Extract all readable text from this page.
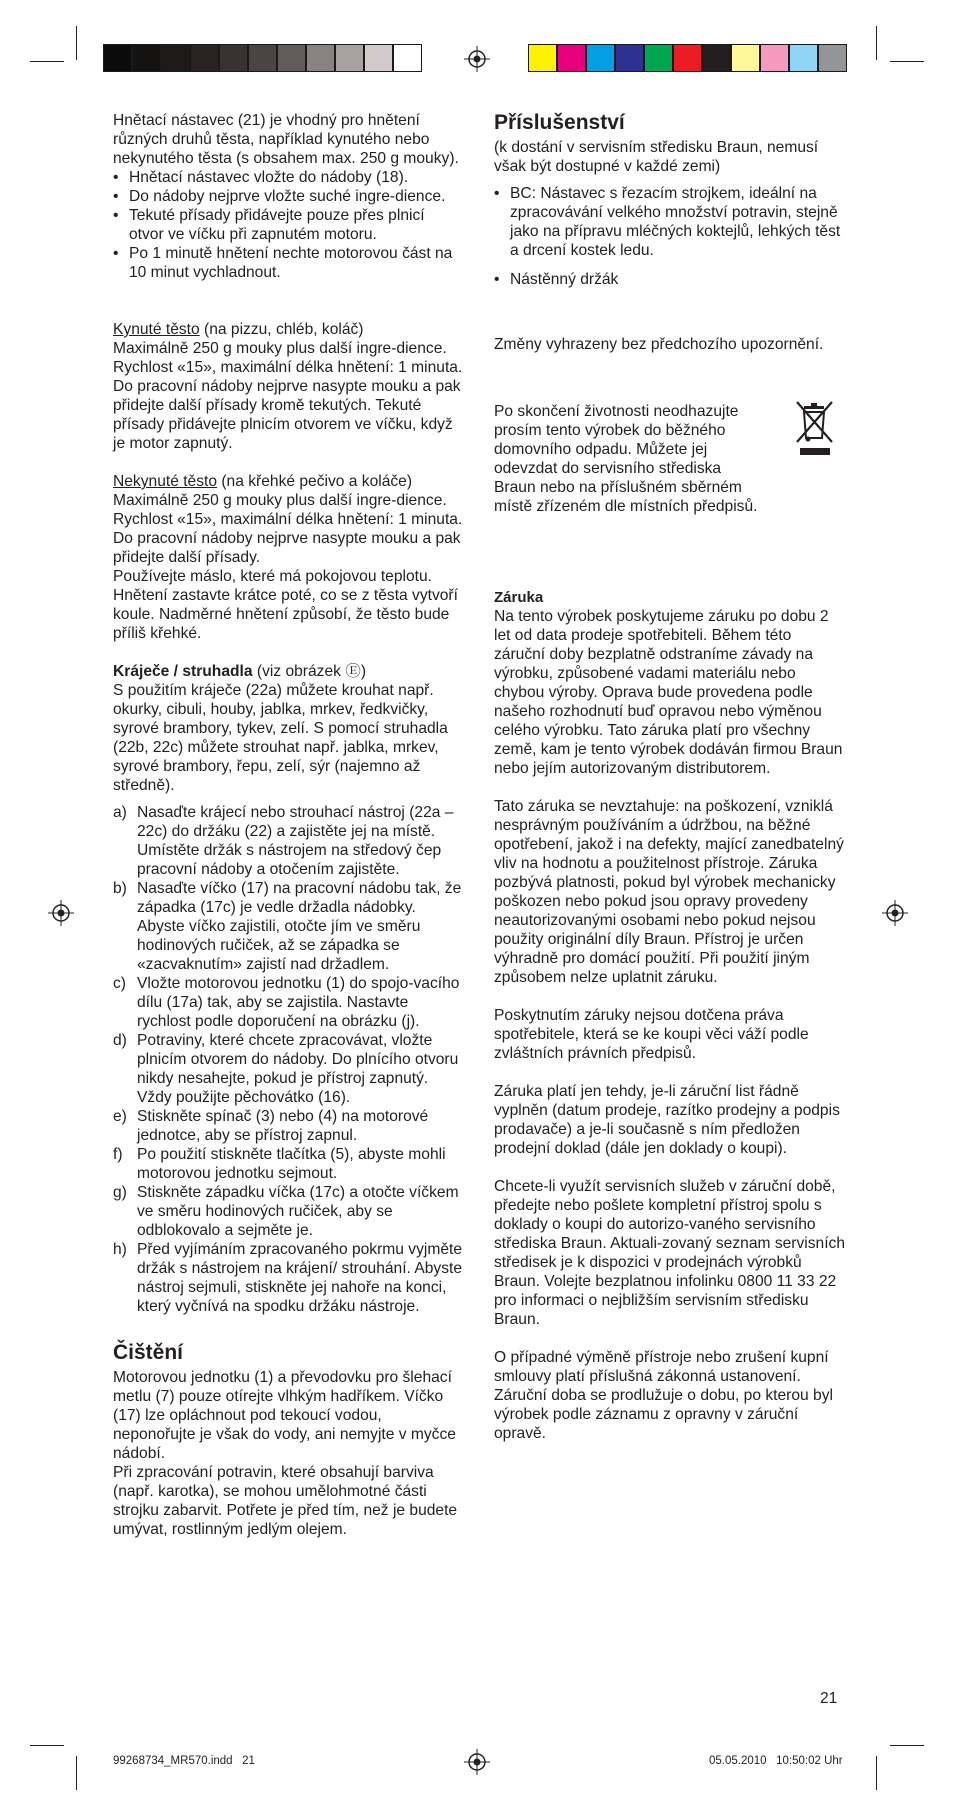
Hnětací nástavec (21) je vhodný pro hnětení různých druhů těsta, například kynutého nebo nekynutého těsta (s obsahem max. 250 g mouky).

• Hnětací nástavec vložte do nádoby (18).
• Do nádoby nejprve vložte suché ingre-dience.
• Tekuté přísady přidávejte pouze přes plnicí otvor ve víčku při zapnutém motoru.
• Po 1 minutě hnětení nechte motorovou část na 10 minut vychladnout.

Kynuté těsto (na pizzu, chléb, koláč)

Maximálně 250 g mouky plus další ingre-dience. Rychlost «15», maximální délka hnětení: 1 minuta.

Do pracovní nádoby nejprve nasypte mouku a pak přidejte další přísady kromě tekutých. Tekuté přísady přidávejte plnicím otvorem ve víčku, když je motor zapnutý.

Nekynuté těsto (na křehké pečivo a koláče)

Maximálně 250 g mouky plus další ingre-dience. Rychlost «15», maximální délka hnětení: 1 minuta.

Do pracovní nádoby nejprve nasypte mouku a pak přidejte další přísady.

Používejte máslo, které má pokojovou teplotu. Hnětení zastavte krátce poté, co se z těsta vytvoří koule. Nadměrné hnětení způsobí, že těsto bude příliš křehké.

Kráječe / struhadla (viz obrázek Ⓔ)

S použitím kráječe (22a) můžete krouhat např. okurky, cibuli, houby, jablka, mrkev, ředkvičky, syrové brambory, tykev, zelí. S pomocí struhadla (22b, 22c) můžete strouhat např. jablka, mrkev, syrové brambory, řepu, zelí, sýr (najemno až středně).

a) Nasaďte krájecí nebo strouhací nástroj (22a – 22c) do držáku (22) a zajistěte jej na místě. Umístěte držák s nástrojem na středový čep pracovní nádoby a otočením zajistěte.
b) Nasaďte víčko (17) na pracovní nádobu tak, že západka (17c) je vedle držadla nádobky. Abyste víčko zajistili, otočte jím ve směru hodinových ručiček, až se západka se «zacvaknutím» zajistí nad držadlem.
c) Vložte motorovou jednotku (1) do spojo-vacího dílu (17a) tak, aby se zajistila. Nastavte rychlost podle doporučení na obrázku (j).
d) Potraviny, které chcete zpracovávat, vložte plnicím otvorem do nádoby. Do plnícího otvoru nikdy nesahejte, pokud je přístroj zapnutý. Vždy použijte pěchovátko (16).
e) Stiskněte spínač (3) nebo (4) na motorové jednotce, aby se přístroj zapnul.
f) Po použití stiskněte tlačítka (5), abyste mohli motorovou jednotku sejmout.
g) Stiskněte západku víčka (17c) a otočte víčkem ve směru hodinových ručiček, aby se odblokovalo a sejměte je.
h) Před vyjímáním zpracovaného pokrmu vyjměte držák s nástrojem na krájení/ strouhání. Abyste nástroj sejmuli, stiskněte jej nahoře na konci, který vyčnívá na spodku držáku nástroje.
Čištění

Motorovou jednotku (1) a převodovku pro šlehací metlu (7) pouze otírejte vlhkým hadříkem. Víčko (17) lze opláchnout pod tekoucí vodou, neponořujte je však do vody, ani nemyjte v myčce nádobí.

Při zpracování potravin, které obsahují barviva (např. karotka), se mohou umělohmotné části strojku zabarvit. Potřete je před tím, než je budete umývat, rostlinným jedlým olejem.

Příslušenství

(k dostání v servisním středisku Braun, nemusí však být dostupné v každé zemi)

• BC: Nástavec s řezacím strojkem, ideální na zpracovávání velkého množství potravin, stejně jako na přípravu mléčných koktejlů, lehkých těst a drcení kostek ledu.
• Nástěnný držák

Změny vyhrazeny bez předchozího upozornění.

Po skončení životnosti neodhazujte prosím tento výrobek do běžného domovního odpadu. Můžete jej odevzdat do servisního střediska Braun nebo na příslušném sběrném místě zřízeném dle místních předpisů.

Záruka

Na tento výrobek poskytujeme záruku po dobu 2 let od data prodeje spotřebiteli. Během této záruční doby bezplatně odstraníme závady na výrobku, způsobené vadami materiálu nebo chybou výroby. Oprava bude provedena podle našeho rozhodnutí buď opravou nebo výměnou celého výrobku. Tato záruka platí pro všechny země, kam je tento výrobek dodáván firmou Braun nebo jejím autorizovaným distributorem.

Tato záruka se nevztahuje: na poškození, vzniklá nesprávným používáním a údržbou, na běžné opotřebení, jakož i na defekty, mající zanedbatelný vliv na hodnotu a použitelnost přístroje. Záruka pozbývá platnosti, pokud byl výrobek mechanicky poškozen nebo pokud jsou opravy provedeny neautorizovanými osobami nebo pokud nejsou použity originální díly Braun. Přístroj je určen výhradně pro domácí použití. Při použití jiným způsobem nelze uplatnit záruku.

Poskytnutím záruky nejsou dotčena práva spotřebitele, která se ke koupi věci váží podle zvláštních právních předpisů.

Záruka platí jen tehdy, je-li záruční list řádně vyplněn (datum prodeje, razítko prodejny a podpis prodavače) a je-li současně s ním předložen prodejní doklad (dále jen doklady o koupi).

Chcete-li využít servisních služeb v záruční době, předejte nebo pošlete kompletní přístroj spolu s doklady o koupi do autorizo-vaného servisního střediska Braun. Aktuali-zovaný seznam servisních středisek je k dispozici v prodejnách výrobků Braun. Volejte bezplatnou infolinku 0800 11 33 22 pro informaci o nejbližším servisním středisku Braun.

O případné výměně přístroje nebo zrušení kupní smlouvy platí příslušná zákonná ustanovení. Záruční doba se prodlužuje o dobu, po kterou byl výrobek podle záznamu z opravny v záruční opravě.

21
99268734_MR570.indd   21	05.05.2010   10:50:02 Uhr
